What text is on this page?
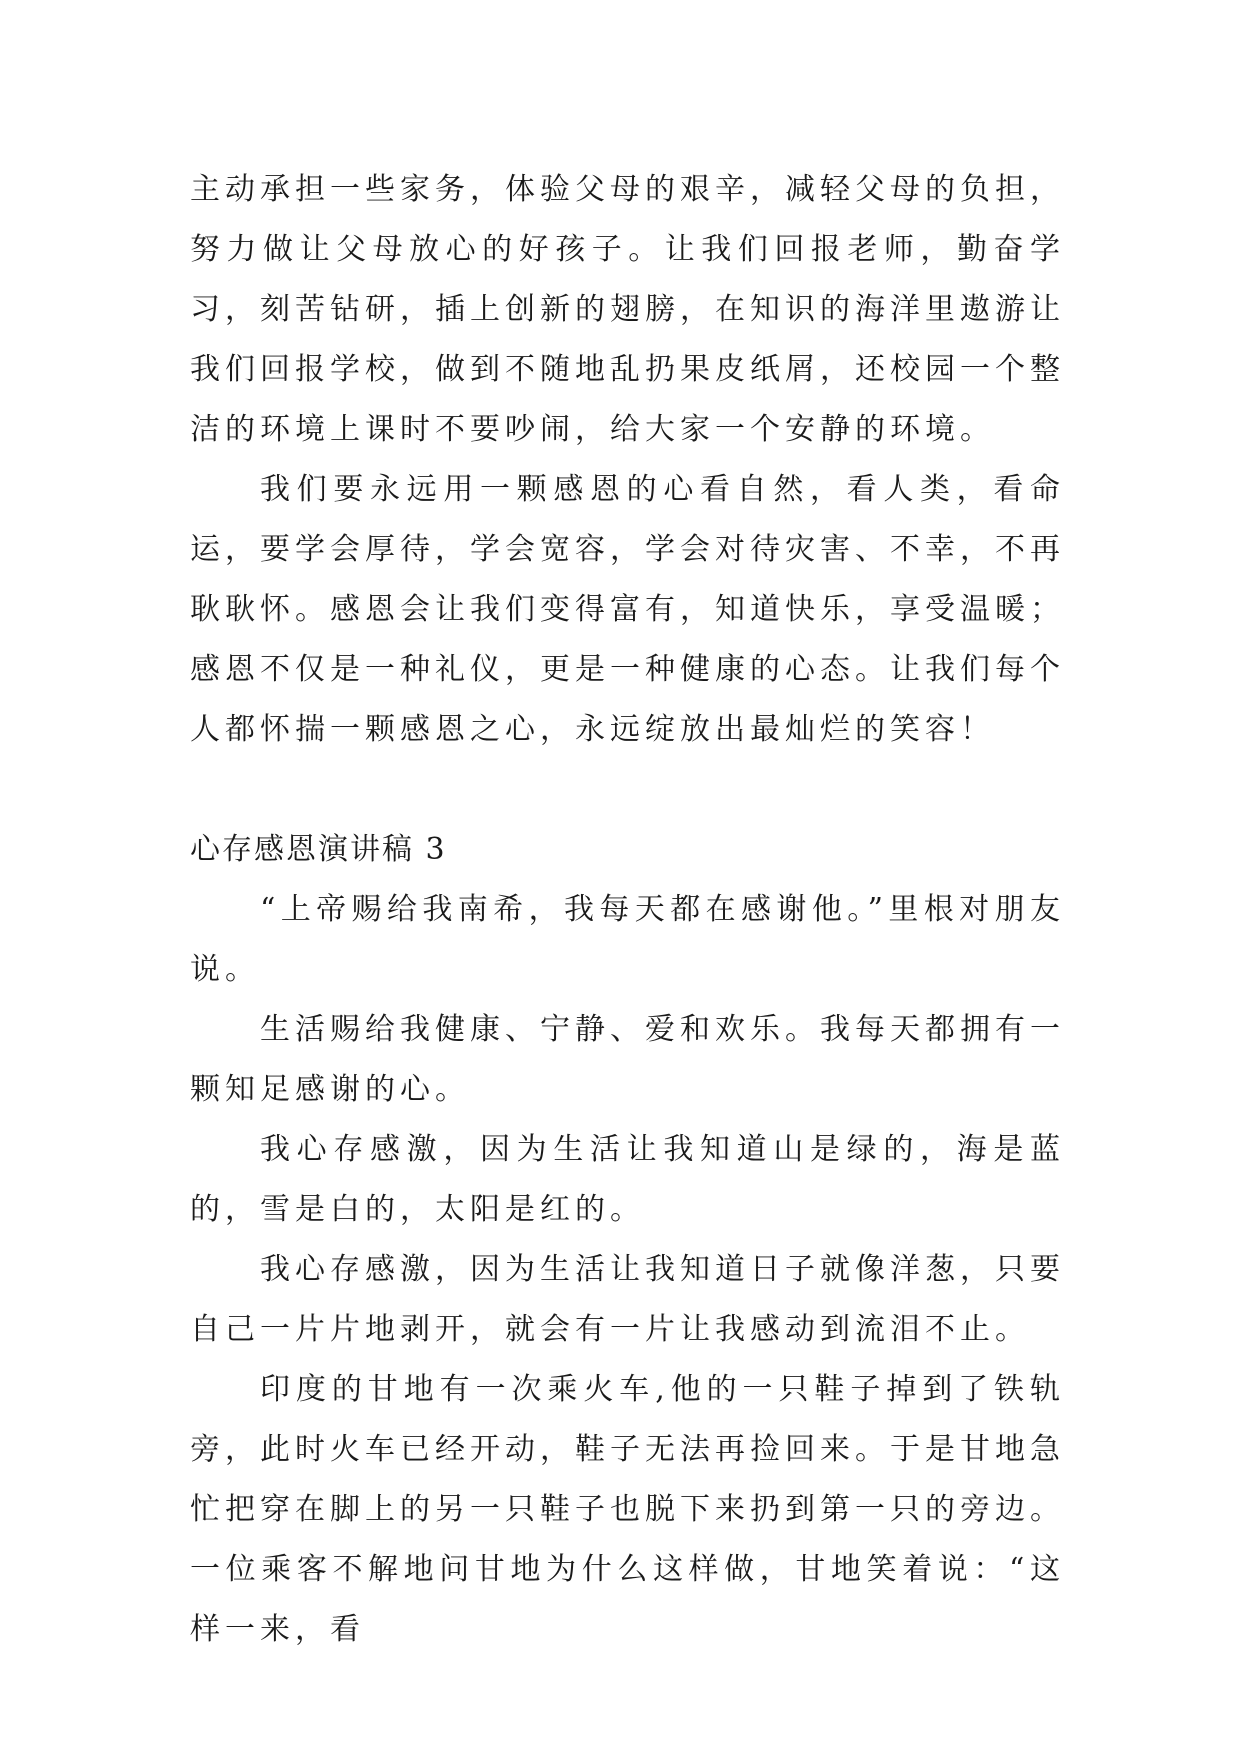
主动承担一些家务，体验父母的艰辛，减轻父母的负担，努力做让父母放心的好孩子。让我们回报老师，勤奋学习，刻苦钻研，插上创新的翅膀，在知识的海洋里遨游让我们回报学校，做到不随地乱扔果皮纸屑，还校园一个整洁的环境上课时不要吵闹，给大家一个安静的环境。

我们要永远用一颗感恩的心看自然，看人类，看命运，要学会厚待，学会宽容，学会对待灾害、不幸，不再耿耿怀。感恩会让我们变得富有，知道快乐，享受温暖；感恩不仅是一种礼仪，更是一种健康的心态。让我们每个人都怀揣一颗感恩之心，永远绽放出最灿烂的笑容！

心存感恩演讲稿 3

“上帝赐给我南希，我每天都在感谢他。”里根对朋友说。

生活赐给我健康、宁静、爱和欢乐。我每天都拥有一颗知足感谢的心。

我心存感激，因为生活让我知道山是绿的，海是蓝的，雪是白的，太阳是红的。

我心存感激，因为生活让我知道日子就像洋葱，只要自己一片片地剥开，就会有一片让我感动到流泪不止。

印度的甘地有一次乘火车,他的一只鞋子掉到了铁轨旁，此时火车已经开动，鞋子无法再捡回来。于是甘地急忙把穿在脚上的另一只鞋子也脱下来扔到第一只的旁边。一位乘客不解地问甘地为什么这样做，甘地笑着说：“这样一来，看
